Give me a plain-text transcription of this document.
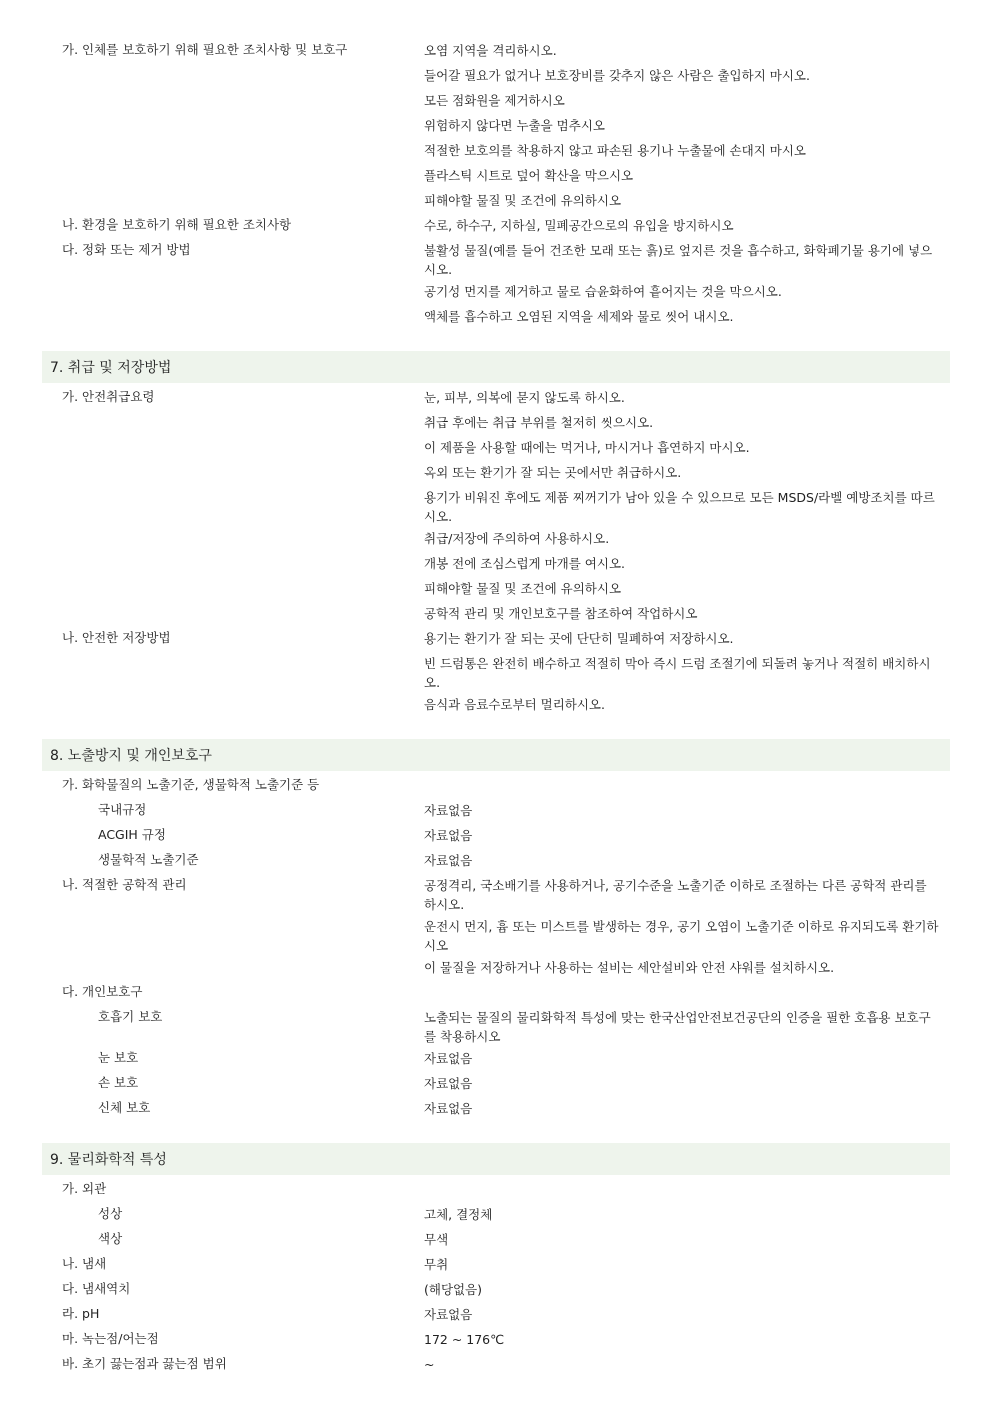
가. 인체를 보호하기 위해 필요한 조치사항 및 보호구	오염 지역을 격리하시오.
들어갈 필요가 없거나 보호장비를 갖추지 않은 사람은 출입하지 마시오.
모든 점화원을 제거하시오
위험하지 않다면 누출을 멈추시오
적절한 보호의를 착용하지 않고 파손된 용기나 누출물에 손대지 마시오
플라스틱 시트로 덮어 확산을 막으시오
피해야할 물질 및 조건에 유의하시오
나. 환경을 보호하기 위해 필요한 조치사항	수로, 하수구, 지하실, 밀폐공간으로의 유입을 방지하시오
다. 정화 또는 제거 방법	불활성 물질(예를 들어 건조한 모래 또는 흙)로 엎지른 것을 흡수하고, 화학폐기물 용기에 넣으시오.
공기성 먼지를 제거하고 물로 습윤화하여 흩어지는 것을 막으시오.
액체를 흡수하고 오염된 지역을 세제와 물로 씻어 내시오.
7. 취급 및 저장방법
가. 안전취급요령	눈, 피부, 의복에 묻지 않도록 하시오.
취급 후에는 취급 부위를 철저히 씻으시오.
이 제품을 사용할 때에는 먹거나, 마시거나 흡연하지 마시오.
옥외 또는 환기가 잘 되는 곳에서만 취급하시오.
용기가 비워진 후에도 제품 찌꺼기가 남아 있을 수 있으므로 모든 MSDS/라벨 예방조치를 따르시오.
취급/저장에 주의하여 사용하시오.
개봉 전에 조심스럽게 마개를 여시오.
피해야할 물질 및 조건에 유의하시오
공학적 관리 및 개인보호구를 참조하여 작업하시오
나. 안전한 저장방법	용기는 환기가 잘 되는 곳에 단단히 밀폐하여 저장하시오.
빈 드럼통은 완전히 배수하고 적절히 막아 즉시 드럼 조절기에 되돌려 놓거나 적절히 배치하시오.
음식과 음료수로부터 멀리하시오.
8. 노출방지 및 개인보호구
가. 화학물질의 노출기준, 생물학적 노출기준 등
국내규정	자료없음
ACGIH 규정	자료없음
생물학적 노출기준	자료없음
나. 적절한 공학적 관리	공정격리, 국소배기를 사용하거나, 공기수준을 노출기준 이하로 조절하는 다른 공학적 관리를 하시오.
운전시 먼지, 흄 또는 미스트를 발생하는 경우, 공기 오염이 노출기준 이하로 유지되도록 환기하시오
이 물질을 저장하거나 사용하는 설비는 세안설비와 안전 샤워를 설치하시오.
다. 개인보호구
호흡기 보호	노출되는 물질의 물리화학적 특성에 맞는 한국산업안전보건공단의 인증을 필한 호흡용 보호구를 착용하시오
눈 보호	자료없음
손 보호	자료없음
신체 보호	자료없음
9. 물리화학적 특성
가. 외관
성상	고체, 결정체
색상	무색
나. 냄새	무취
다. 냄새역치	(해당없음)
라. pH	자료없음
마. 녹는점/어는점	172 ~ 176℃
바. 초기 끓는점과 끓는점 범위	~
